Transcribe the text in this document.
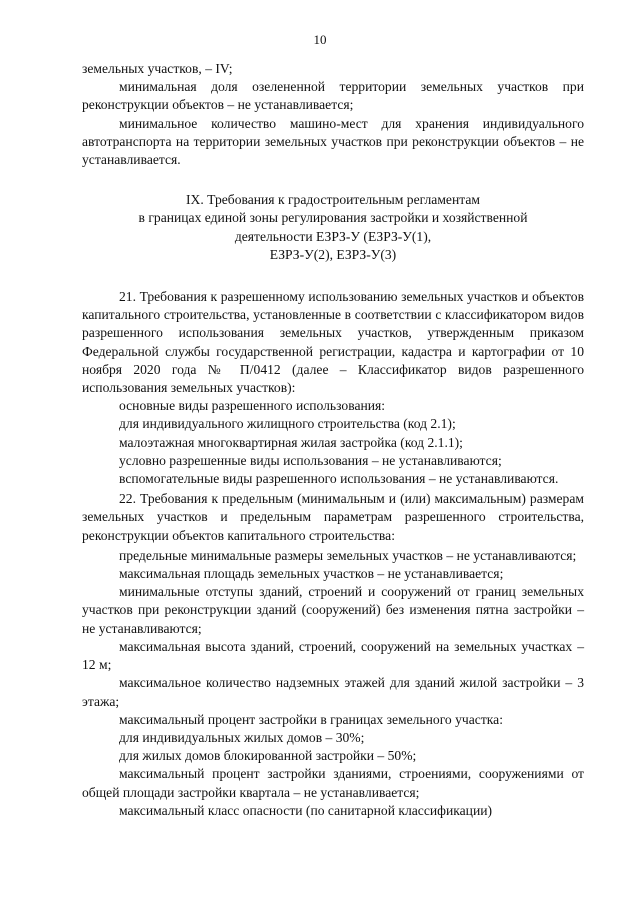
10

земельных участков, – IV;

минимальная доля озелененной территории земельных участков при реконструкции объектов – не устанавливается;

минимальное количество машино-мест для хранения индивидуального автотранспорта на территории земельных участков при реконструкции объектов – не устанавливается.

IX. Требования к градостроительным регламентам
в границах единой зоны регулирования застройки и хозяйственной
деятельности ЕЗРЗ-У (ЕЗРЗ-У(1),
ЕЗРЗ-У(2), ЕЗРЗ-У(3)

21. Требования к разрешенному использованию земельных участков и объектов капитального строительства, установленные в соответствии с классификатором видов разрешенного использования земельных участков, утвержденным приказом Федеральной службы государственной регистрации, кадастра и картографии от 10 ноября 2020 года № П/0412 (далее – Классификатор видов разрешенного использования земельных участков):

основные виды разрешенного использования:

для индивидуального жилищного строительства (код 2.1);

малоэтажная многоквартирная жилая застройка (код 2.1.1);

условно разрешенные виды использования – не устанавливаются;

вспомогательные виды разрешенного использования – не устанавливаются.

22. Требования к предельным (минимальным и (или) максимальным) размерам земельных участков и предельным параметрам разрешенного строительства, реконструкции объектов капитального строительства:

предельные минимальные размеры земельных участков – не устанавливаются;

максимальная площадь земельных участков – не устанавливается;

минимальные отступы зданий, строений и сооружений от границ земельных участков при реконструкции зданий (сооружений) без изменения пятна застройки – не устанавливаются;

максимальная высота зданий, строений, сооружений на земельных участках – 12 м;

максимальное количество надземных этажей для зданий жилой застройки – 3 этажа;

максимальный процент застройки в границах земельного участка:

для индивидуальных жилых домов – 30%;

для жилых домов блокированной застройки – 50%;

максимальный процент застройки зданиями, строениями, сооружениями от общей площади застройки квартала – не устанавливается;

максимальный класс опасности (по санитарной классификации)
